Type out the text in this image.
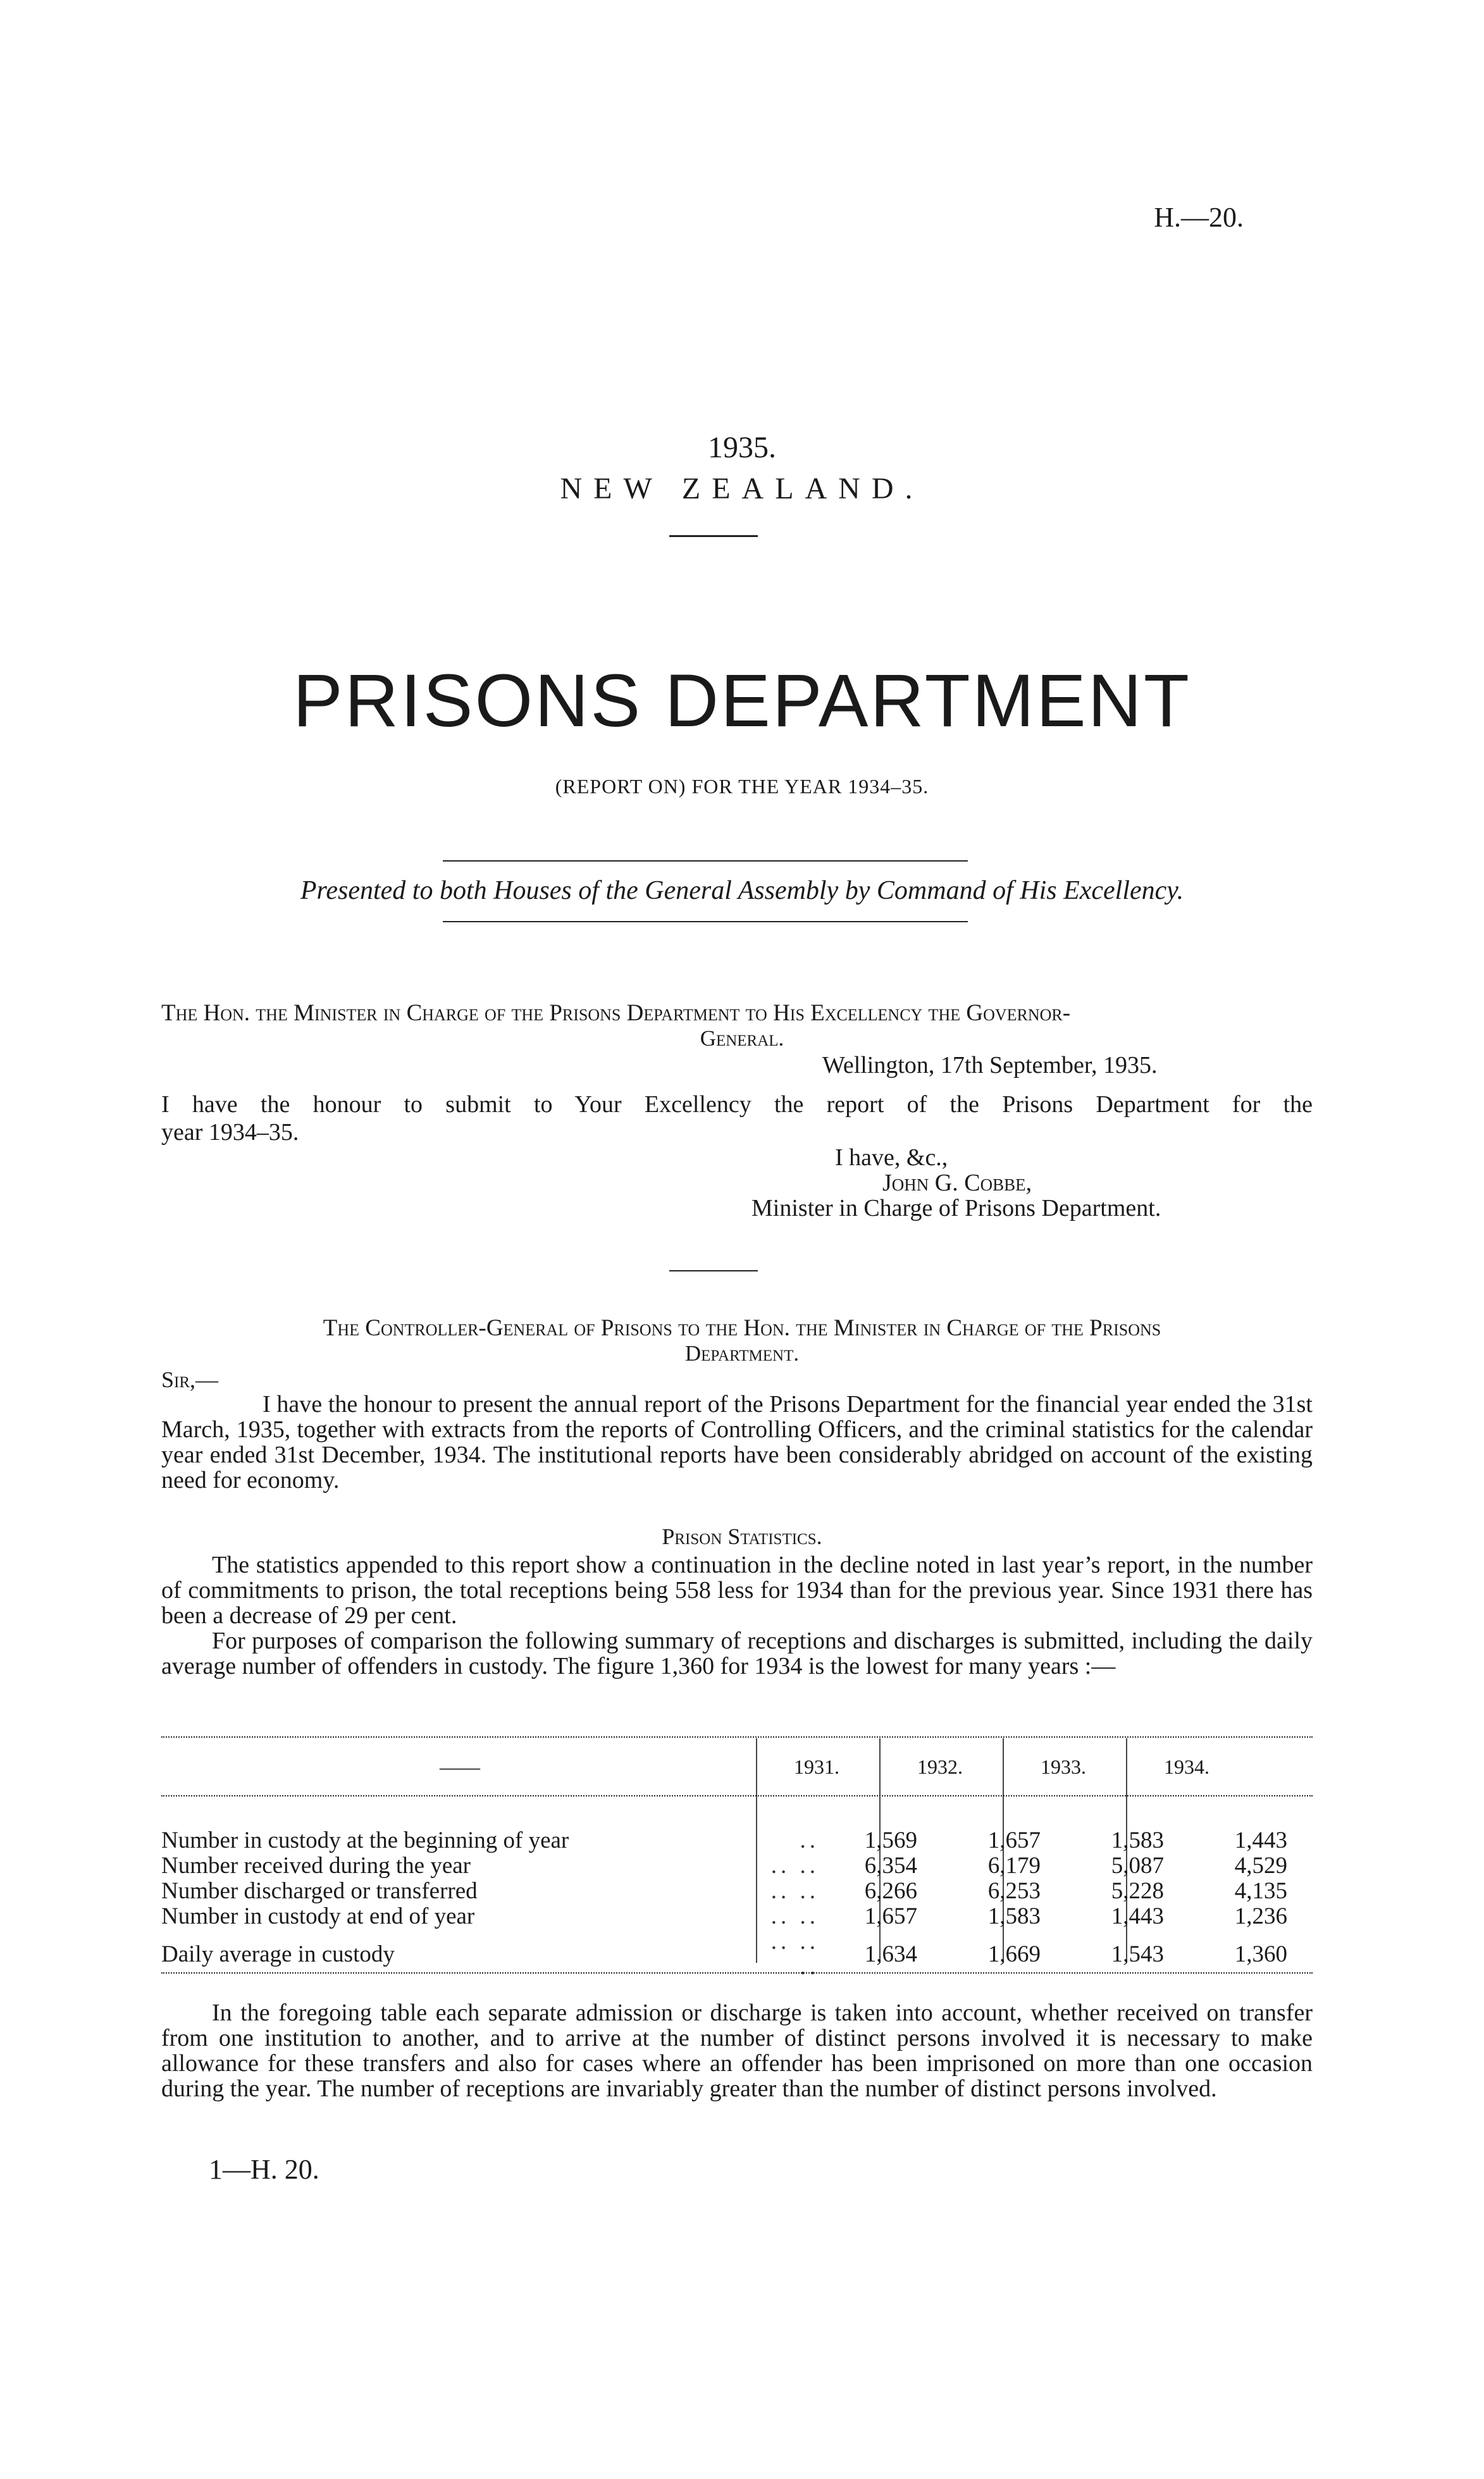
H.—20.
1935.
NEW ZEALAND.
PRISONS DEPARTMENT
(REPORT ON) FOR THE YEAR 1934–35.
Presented to both Houses of the General Assembly by Command of His Excellency.
The Hon. the Minister in Charge of the Prisons Department to His Excellency the Governor-
General.
Wellington, 17th September, 1935.
I have the honour to submit to Your Excellency the report of the Prisons Department for the
year 1934–35.
I have, &c.,
John G. Cobbe,
Minister in Charge of Prisons Department.
The Controller-General of Prisons to the Hon. the Minister in Charge of the Prisons
Department.
Sir,—

I have the honour to present the annual report of the Prisons Department for the financial year ended the 31st March, 1935, together with extracts from the reports of Controlling Officers, and the criminal statistics for the calendar year ended 31st December, 1934. The institutional reports have been considerably abridged on account of the existing need for economy.

Prison Statistics.

The statistics appended to this report show a continuation in the decline noted in last year’s report, in the number of commitments to prison, the total receptions being 558 less for 1934 than for the previous year. Since 1931 there has been a decrease of 29 per cent.

For purposes of comparison the following summary of receptions and discharges is submitted, including the daily average number of offenders in custody. The figure 1,360 for 1934 is the lowest for many years :—

——	1931.	1932.	1933.	1934.
Number in custody at the beginning of year	..	1,569	1,657	1,583	1,443
Number received during the year	.. ..	6,354	6,179	5,087	4,529
Number discharged or transferred	.. ..	6,266	6,253	5,228	4,135
Number in custody at end of year	.. ..	1,657	1,583	1,443	1,236
Daily average in custody	.. .. ..	1,634	1,669	1,543	1,360

In the foregoing table each separate admission or discharge is taken into account, whether received on transfer from one institution to another, and to arrive at the number of distinct persons involved it is necessary to make allowance for these transfers and also for cases where an offender has been imprisoned on more than one occasion during the year. The number of receptions are invariably greater than the number of distinct persons involved.

1—H. 20.
